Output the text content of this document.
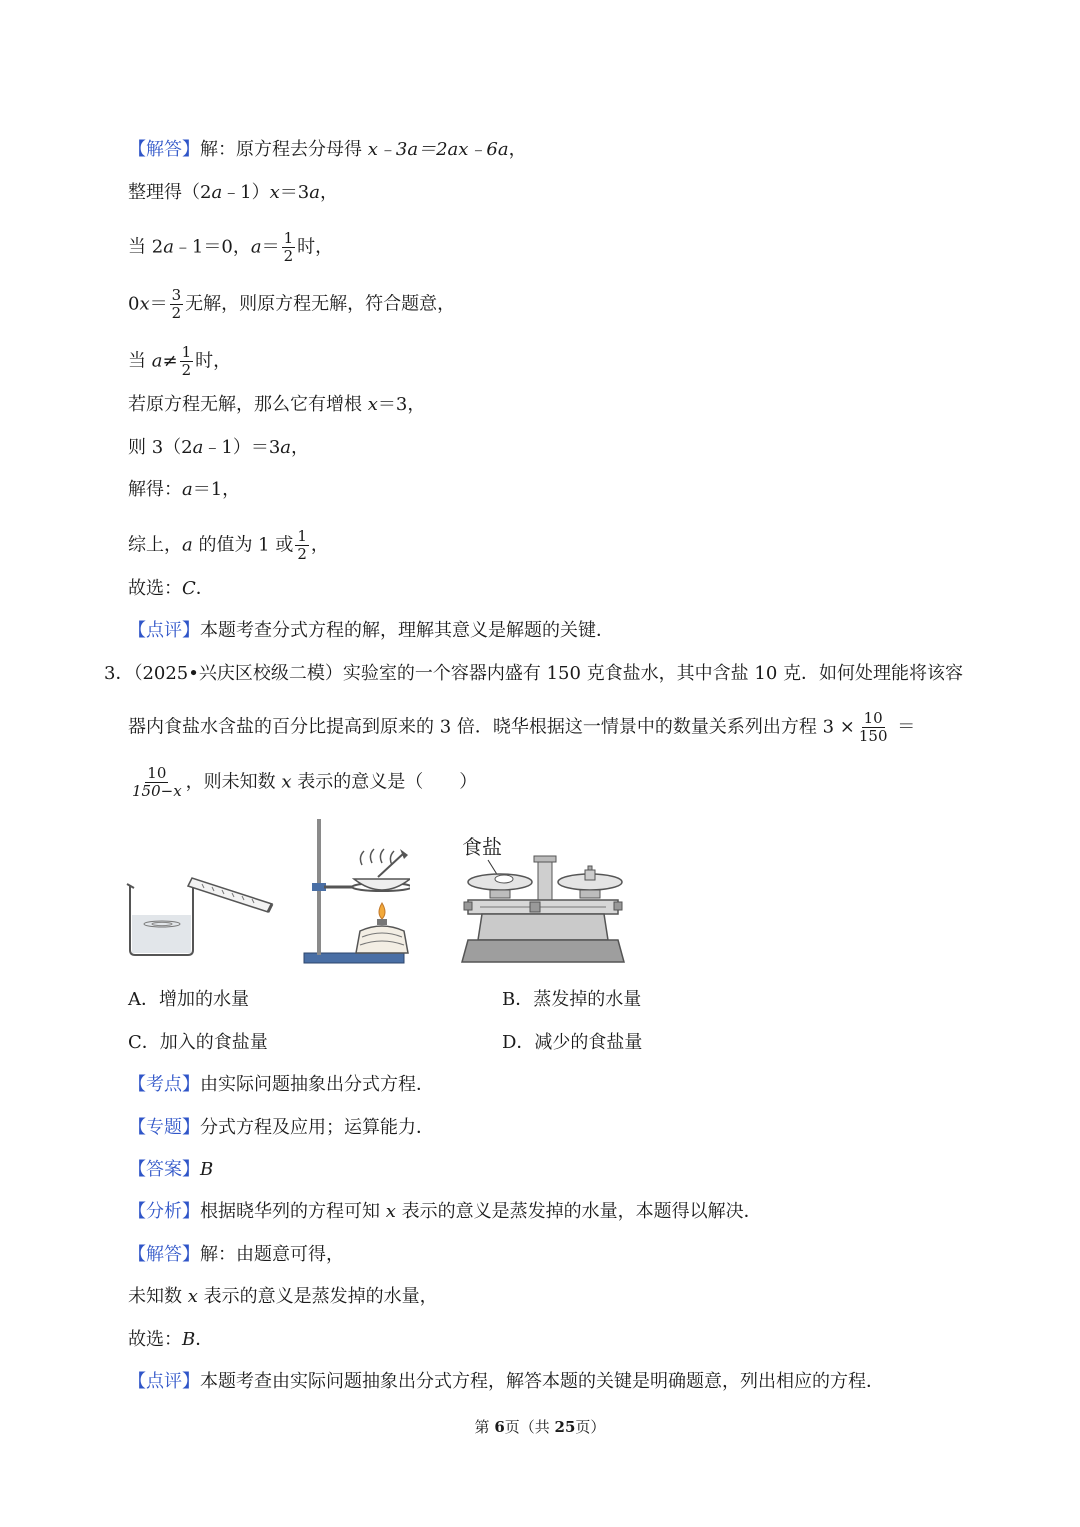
【解答】解：原方程去分母得 x﹣3a＝2ax﹣6a，
整理得（2a﹣1）x＝3a，
当 2a﹣1＝0，$a= \frac{1}{2}$ 时，
$0x= \frac{3}{2}$ 无解，则原方程无解，符合题意，
当 $a\ne \frac{1}{2}$ 时，
若原方程无解，那么它有增根 x＝3，
则 3（2a﹣1）＝3a，
解得：a＝1，
综上，a 的值为 1 或 $\frac{1}{2}$ ，
故选：C．
【点评】本题考查分式方程的解，理解其意义是解题的关键．
3．（2025•兴庆区校级二模）实验室的一个容器内盛有 150 克食盐水，其中含盐 10 克．如何处理能将该容
器内食盐水含盐的百分比提高到原来的 3 倍．晓华根据这一情景中的数量关系列出方程 $3 \times \frac{10}{150}$ ＝
$\frac{10}{150-x}$ ，则未知数 x 表示的意义是（　　）
食盐
A．增加的水量	B．蒸发掉的水量
C．加入的食盐量	D．减少的食盐量
【考点】由实际问题抽象出分式方程．
【专题】分式方程及应用；运算能力．
【答案】B
【分析】根据晓华列的方程可知 x 表示的意义是蒸发掉的水量，本题得以解决．
【解答】解：由题意可得，
未知数 x 表示的意义是蒸发掉的水量，
故选：B．
【点评】本题考查由实际问题抽象出分式方程，解答本题的关键是明确题意，列出相应的方程．
第 6页（共 25页）
